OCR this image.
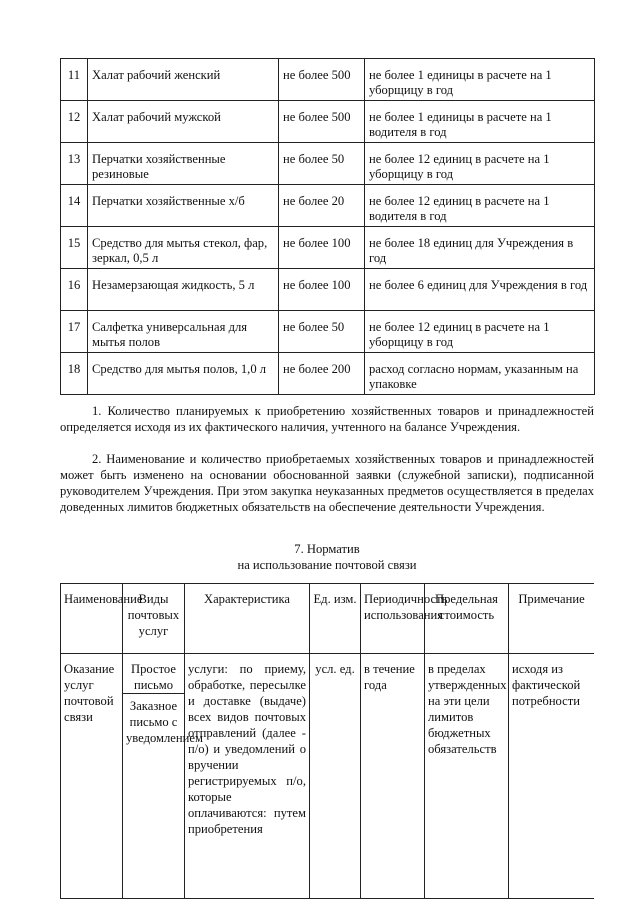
11	Халат рабочий женский	не более 500	не более 1 единицы в расчете на 1 уборщицу в год
12	Халат рабочий мужской	не более 500	не более 1 единицы в расчете на 1 водителя в год
13	Перчатки хозяйственные резиновые	не более 50	не более 12 единиц в расчете на 1 уборщицу в год
14	Перчатки хозяйственные х/б	не более 20	не более 12 единиц в расчете на 1 водителя в год
15	Средство для мытья стекол, фар, зеркал, 0,5 л	не более 100	не более 18 единиц для Учреждения в год
16	Незамерзающая жидкость, 5 л	не более 100	не более 6 единиц для Учреждения в год
17	Салфетка универсальная для мытья полов	не более 50	не более 12 единиц в расчете на 1 уборщицу в год
18	Средство для мытья полов, 1,0 л	не более 200	расход согласно нормам, указанным на упаковке

1. Количество планируемых к приобретению хозяйственных товаров и принадлежностей определяется исходя из их фактического наличия, учтенного на балансе Учреждения.

2. Наименование и количество приобретаемых хозяйственных товаров и принадлежностей может быть изменено на основании обоснованной заявки (служебной записки), подписанной руководителем Учреждения. При этом закупка неуказанных предметов осуществляется в пределах доведенных лимитов бюджетных обязательств на обеспечение деятельности Учреждения.

7. Норматив

на использование почтовой связи

Наименование	Виды почтовых услуг	Характеристика	Ед. изм.	Периодичность использования	Предельная стоимость	Примечание
Оказание услуг почтовой связи	Простое письмо	услуги: по приему, обработке, пересылке и доставке (выдаче) всех видов почтовых отправлений (далее - п/о) и уведомлений о вручении регистрируемых п/о, которые оплачиваются: путем приобретения	усл. ед.	в течение года	в пределах утвержденных на эти цели лимитов бюджетных обязательств	исходя из фактической потребности
	Заказное письмо с уведомлением					
